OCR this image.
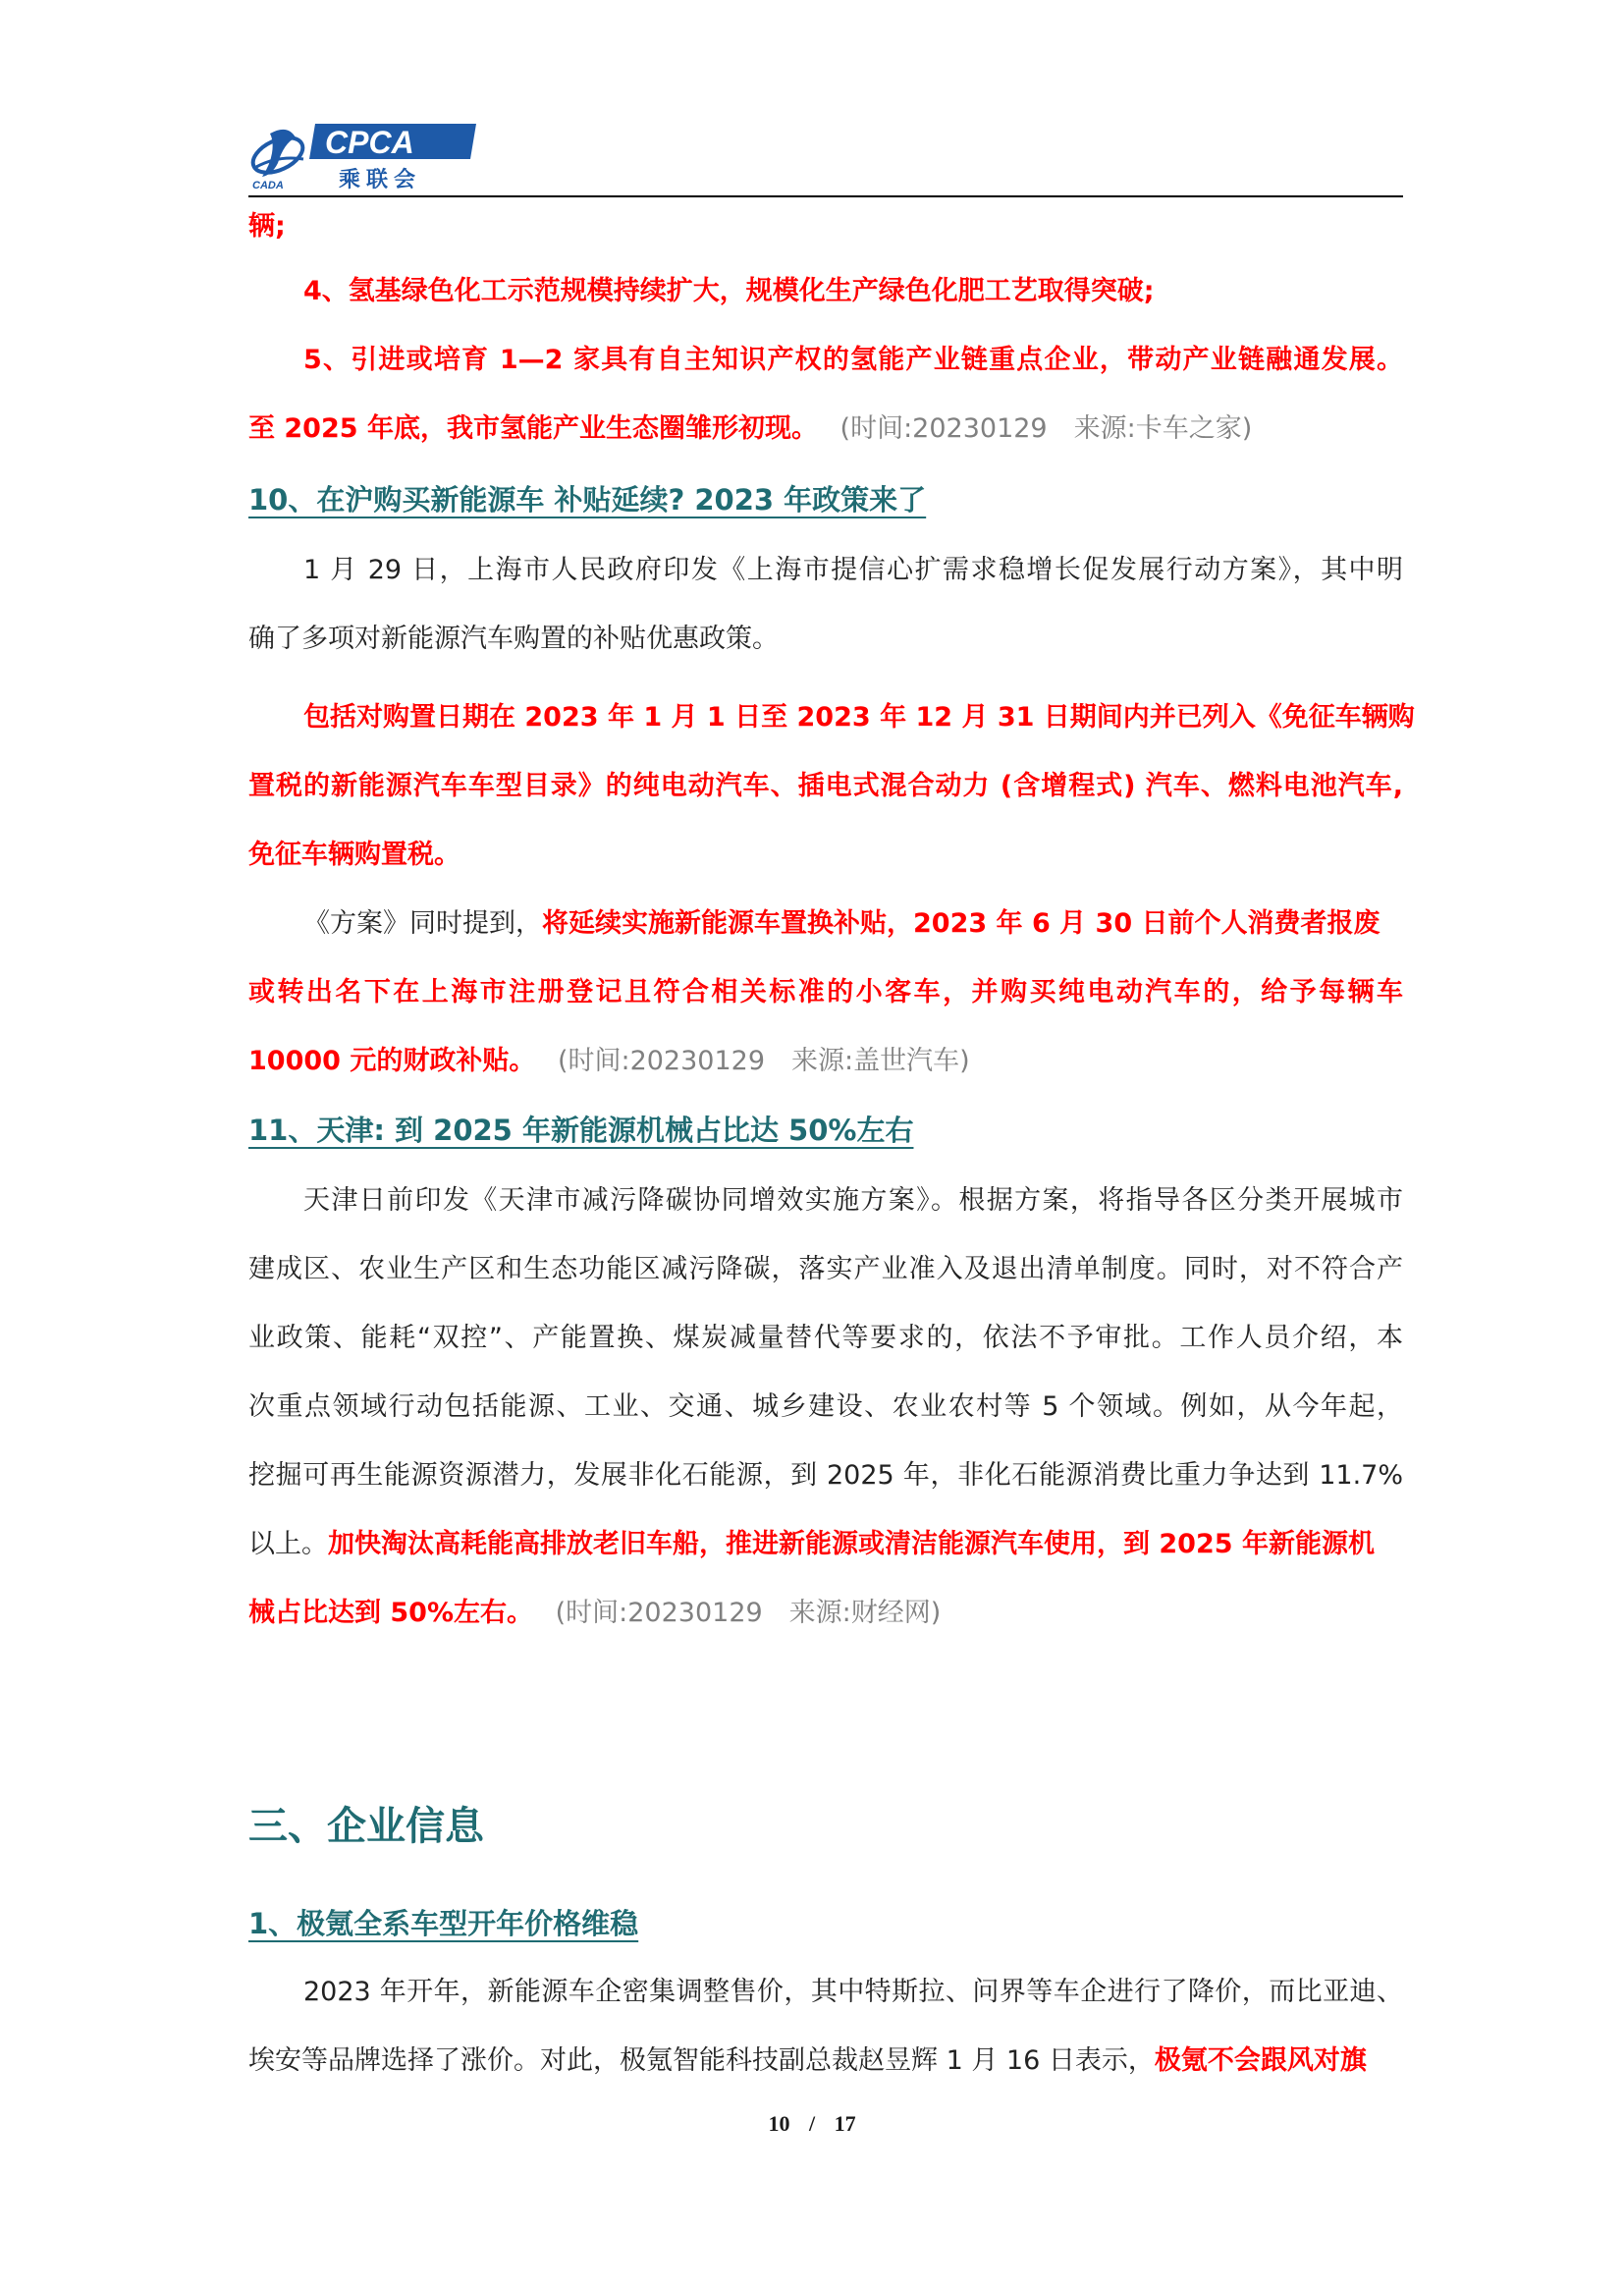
CADA
CPCA
乘联会
辆;
4、氢基绿色化工示范规模持续扩大，规模化生产绿色化肥工艺取得突破;
5、引进或培育 1—2 家具有自主知识产权的氢能产业链重点企业，带动产业链融通发展。
至 2025 年底，我市氢能产业生态圈雏形初现。 (时间:20230129　来源:卡车之家)
10、在沪购买新能源车 补贴延续? 2023 年政策来了
1 月 29 日，上海市人民政府印发《上海市提信心扩需求稳增长促发展行动方案》，其中明
确了多项对新能源汽车购置的补贴优惠政策。
包括对购置日期在 2023 年 1 月 1 日至 2023 年 12 月 31 日期间内并已列入《免征车辆购
置税的新能源汽车车型目录》的纯电动汽车、插电式混合动力 (含增程式) 汽车、燃料电池汽车,
免征车辆购置税。
《方案》同时提到，将延续实施新能源车置换补贴，2023 年 6 月 30 日前个人消费者报废
或转出名下在上海市注册登记且符合相关标准的小客车，并购买纯电动汽车的，给予每辆车
10000 元的财政补贴。 (时间:20230129　来源:盖世汽车)
11、天津: 到 2025 年新能源机械占比达 50%左右
天津日前印发《天津市减污降碳协同增效实施方案》。根据方案，将指导各区分类开展城市
建成区、农业生产区和生态功能区减污降碳，落实产业准入及退出清单制度。同时，对不符合产
业政策、能耗“双控”、产能置换、煤炭减量替代等要求的，依法不予审批。工作人员介绍，本
次重点领域行动包括能源、工业、交通、城乡建设、农业农村等 5 个领域。例如，从今年起，
挖掘可再生能源资源潜力，发展非化石能源，到 2025 年，非化石能源消费比重力争达到 11.7%
以上。加快淘汰高耗能高排放老旧车船，推进新能源或清洁能源汽车使用，到 2025 年新能源机
械占比达到 50%左右。 (时间:20230129　来源:财经网)
三、企业信息
1、极氪全系车型开年价格维稳
2023 年开年，新能源车企密集调整售价，其中特斯拉、问界等车企进行了降价，而比亚迪、
埃安等品牌选择了涨价。对此，极氪智能科技副总裁赵昱辉 1 月 16 日表示，极氪不会跟风对旗
10 / 17
